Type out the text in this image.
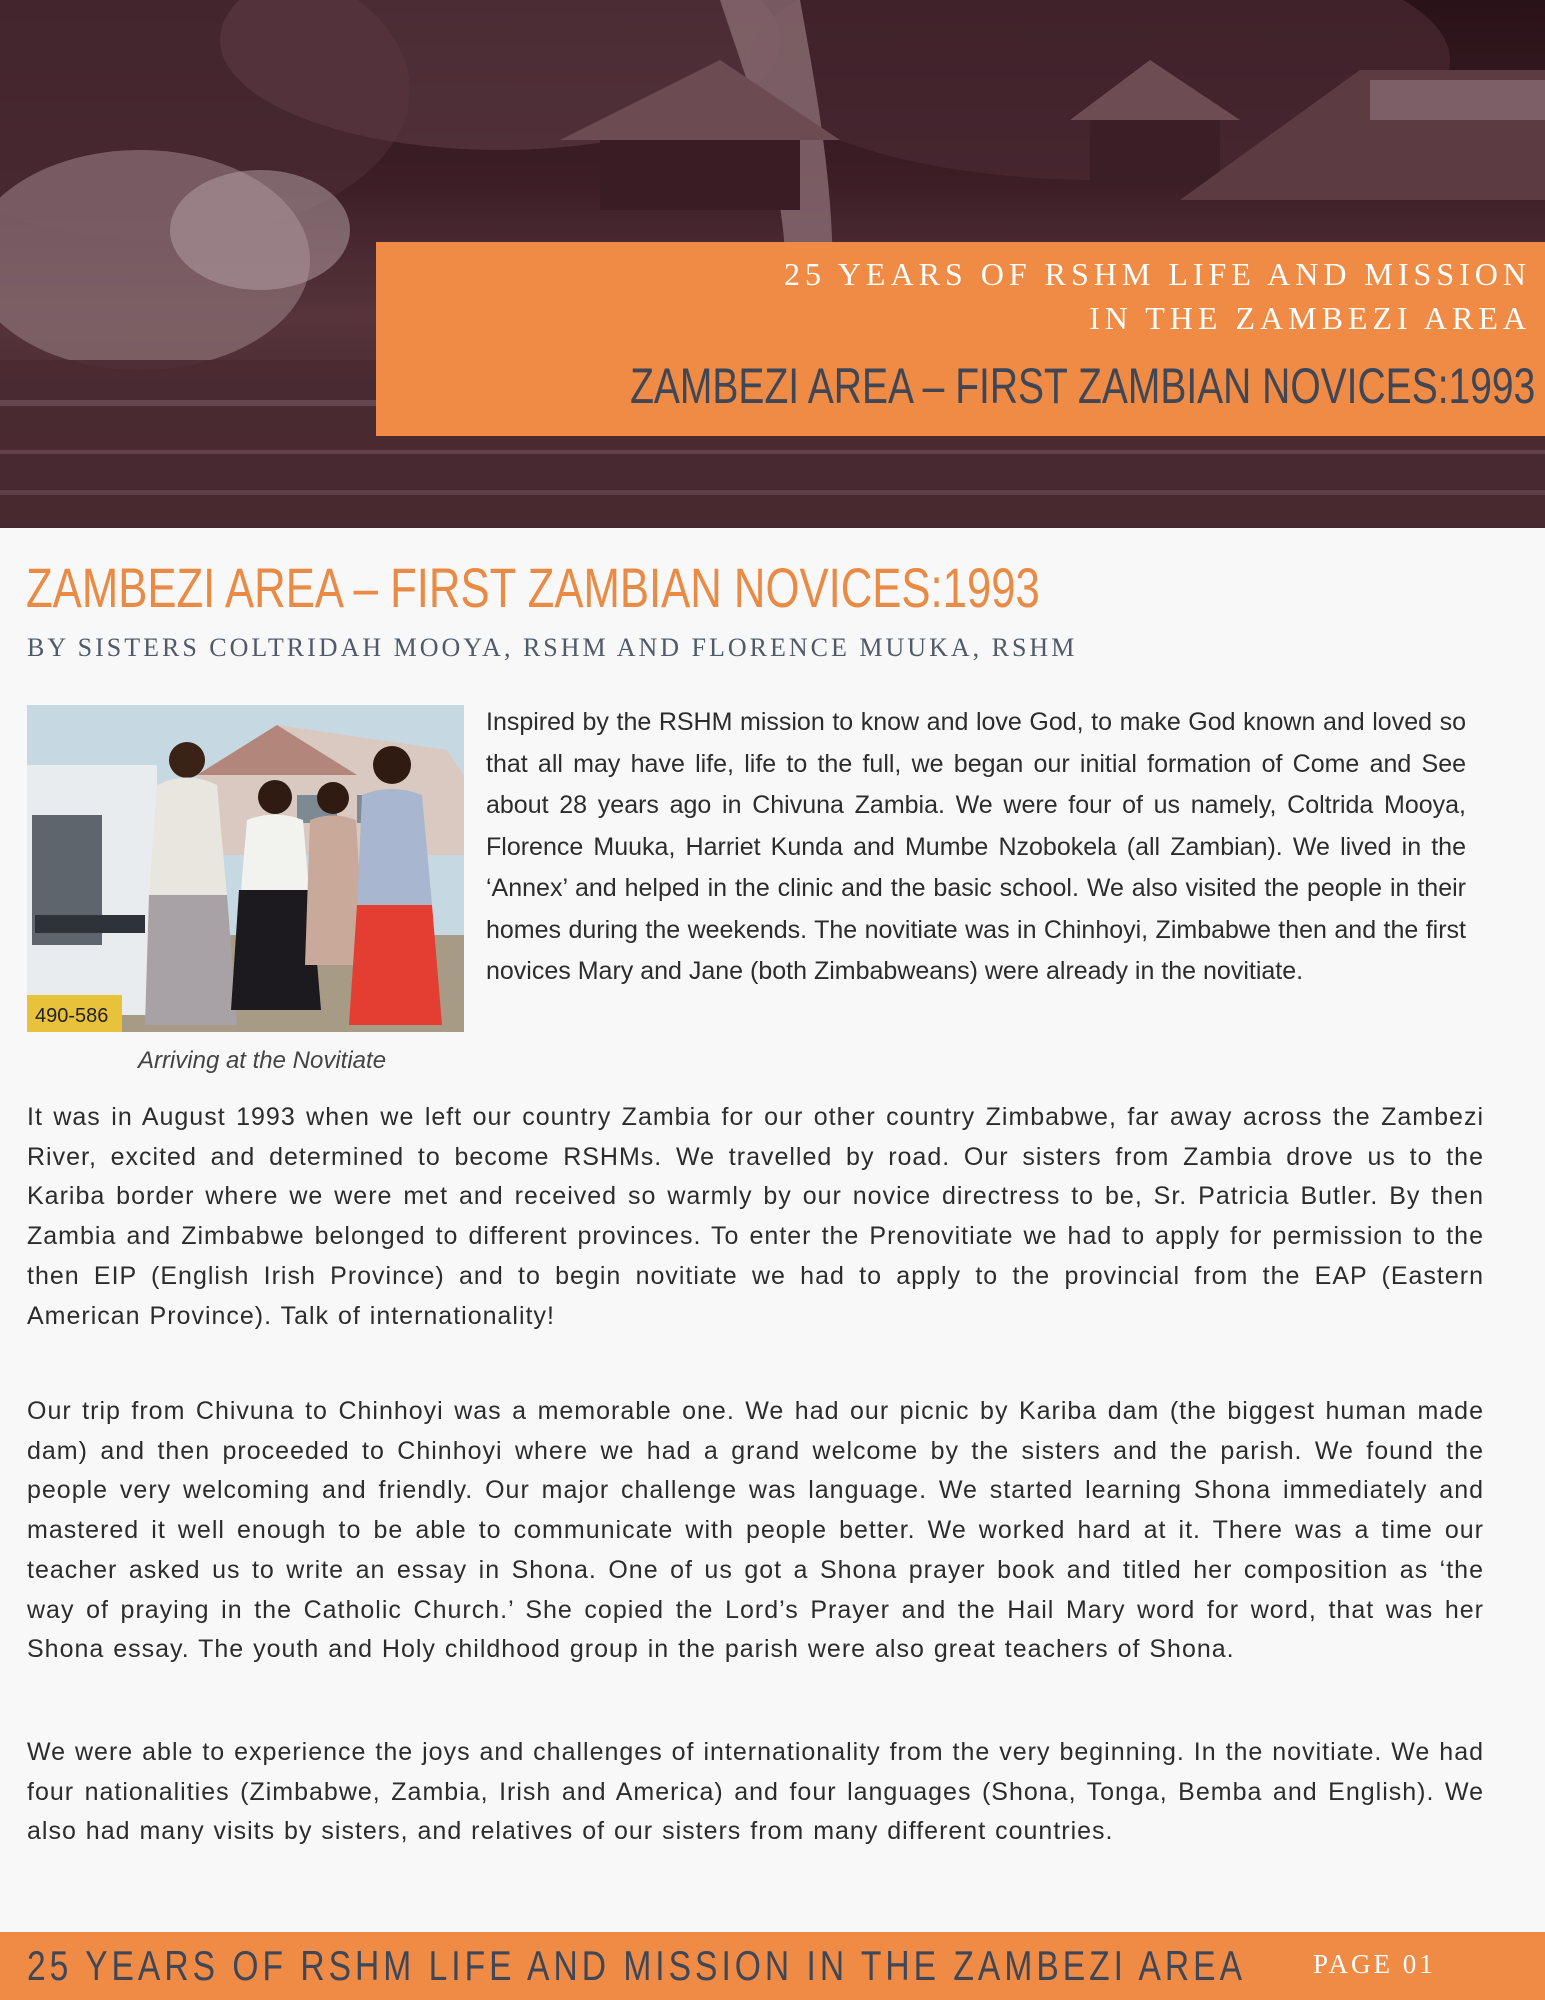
25 YEARS OF RSHM LIFE AND MISSION
IN THE ZAMBEZI AREA
ZAMBEZI AREA – FIRST ZAMBIAN NOVICES:1993
ZAMBEZI AREA – FIRST ZAMBIAN NOVICES:1993
BY SISTERS COLTRIDAH MOOYA, RSHM AND FLORENCE MUUKA, RSHM
490-586
Arriving at the Novitiate

Inspired by the RSHM mission to know and love God, to make God known and loved so that all may have life, life to the full, we began our initial formation of Come and See about 28 years ago in Chivuna Zambia. We were four of us namely, Coltrida Mooya, Florence Muuka, Harriet Kunda and Mumbe Nzobokela (all Zambian). We lived in the ‘Annex’ and helped in the clinic and the basic school. We also visited the people in their homes during the weekends. The novitiate was in Chinhoyi, Zimbabwe then and the first novices Mary and Jane (both Zimbabweans) were already in the novitiate.

It was in August 1993 when we left our country Zambia for our other country Zimbabwe, far away across the Zambezi River, excited and determined to become RSHMs. We travelled by road. Our sisters from Zambia drove us to the Kariba border where we were met and received so warmly by our novice directress to be, Sr. Patricia Butler. By then Zambia and Zimbabwe belonged to different provinces. To enter the Prenovitiate we had to apply for permission to the then EIP (English Irish Province) and to begin novitiate we had to apply to the provincial from the EAP (Eastern American Province). Talk of internationality!

Our trip from Chivuna to Chinhoyi was a memorable one. We had our picnic by Kariba dam (the biggest human made dam) and then proceeded to Chinhoyi where we had a grand welcome by the sisters and the parish. We found the people very welcoming and friendly. Our major challenge was language. We started learning Shona immediately and mastered it well enough to be able to communicate with people better. We worked hard at it. There was a time our teacher asked us to write an essay in Shona. One of us got a Shona prayer book and titled her composition as ‘the way of praying in the Catholic Church.’ She copied the Lord’s Prayer and the Hail Mary word for word, that was her Shona essay. The youth and Holy childhood group in the parish were also great teachers of Shona.

We were able to experience the joys and challenges of internationality from the very beginning. In the novitiate. We had four nationalities (Zimbabwe, Zambia, Irish and America) and four languages (Shona, Tonga, Bemba and English). We also had many visits by sisters, and relatives of our sisters from many different countries.

25 YEARS OF RSHM LIFE AND MISSION IN THE ZAMBEZI AREA PAGE 01
